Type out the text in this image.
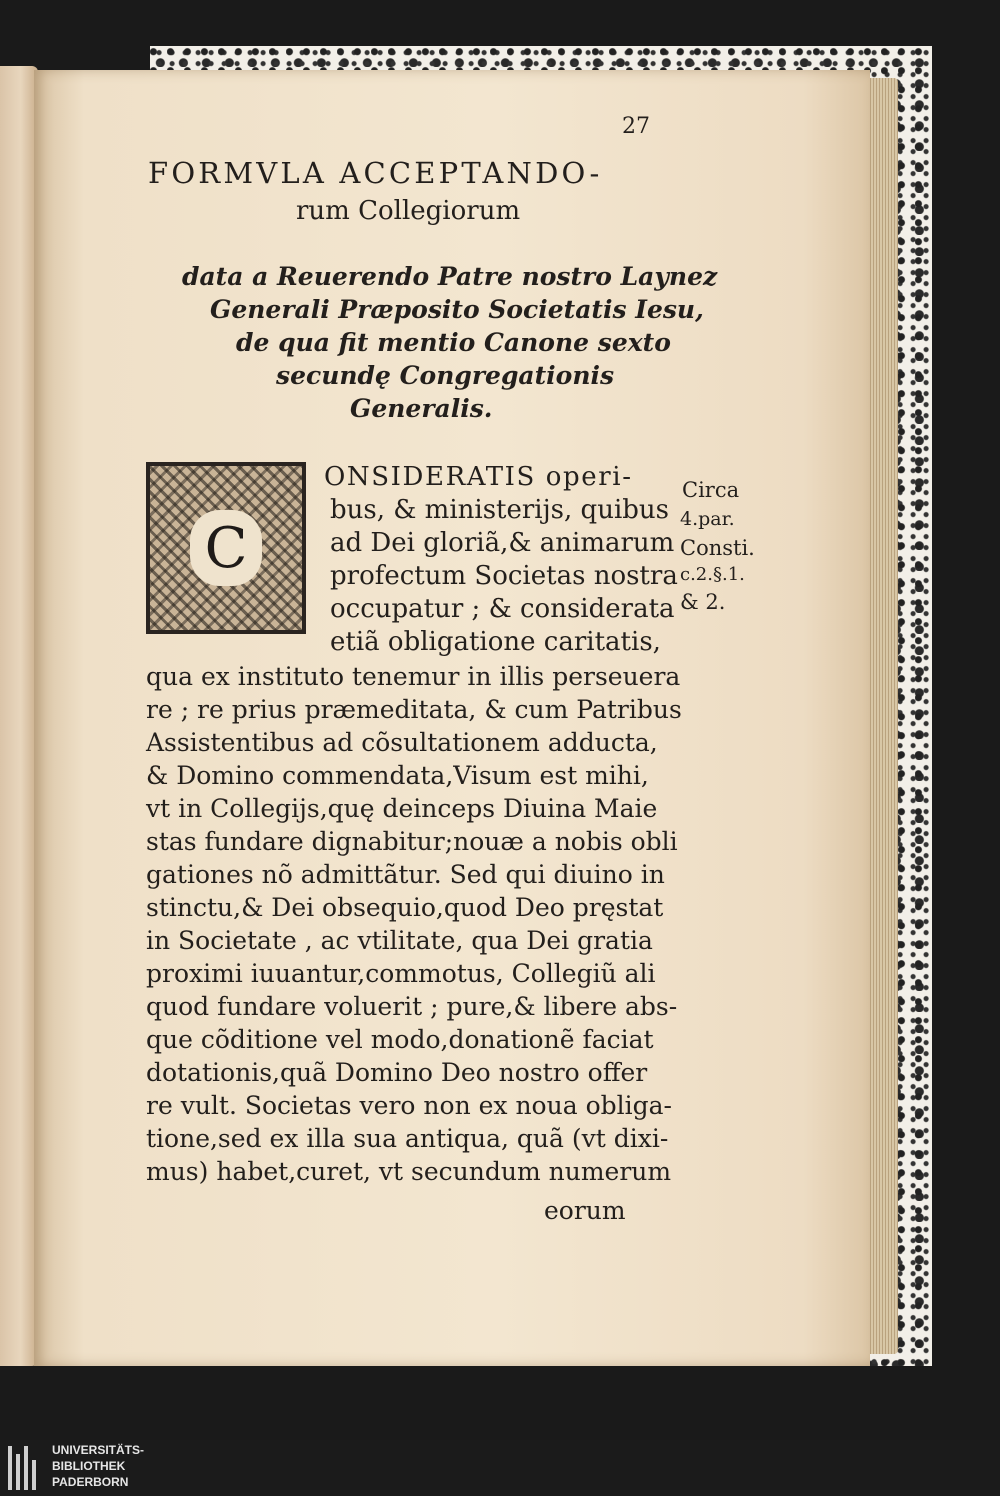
27
FORMVLA ACCEPTANDO-
rum Collegiorum
data a Reuerendo Patre nostro Laynez
Generali Præposito Societatis Iesu,
de qua fit mentio Canone sexto
secundę Congregationis
Generalis.
C
ONSIDERATIS operi-
bus, & ministerijs, quibus
ad Dei gloriã,& animarum
profectum Societas nostra
occupatur ; & considerata
etiã obligatione caritatis,
qua ex instituto tenemur in illis perseuera
re ; re prius præmeditata, & cum Patribus
Assistentibus ad cõsultationem adducta,
& Domino commendata,Visum est mihi,
vt in Collegijs,quę deinceps Diuina Maie
stas fundare dignabitur;nouæ a nobis obli
gationes nõ admittãtur. Sed qui diuino in
stinctu,& Dei obsequio,quod Deo pręstat
in Societate , ac vtilitate, qua Dei gratia
proximi iuuantur,commotus, Collegiũ ali
quod fundare voluerit ; pure,& libere abs-
que cõditione vel modo,donationẽ faciat
dotationis,quã Domino Deo nostro offer
re vult. Societas vero non ex noua obliga-
tione,sed ex illa sua antiqua, quã (vt dixi-
mus) habet,curet, vt secundum numerum
eorum
Circa
4.par.
Consti.
c.2.§.1.
& 2.
UNIVERSITÄTS-
BIBLIOTHEK
PADERBORN
